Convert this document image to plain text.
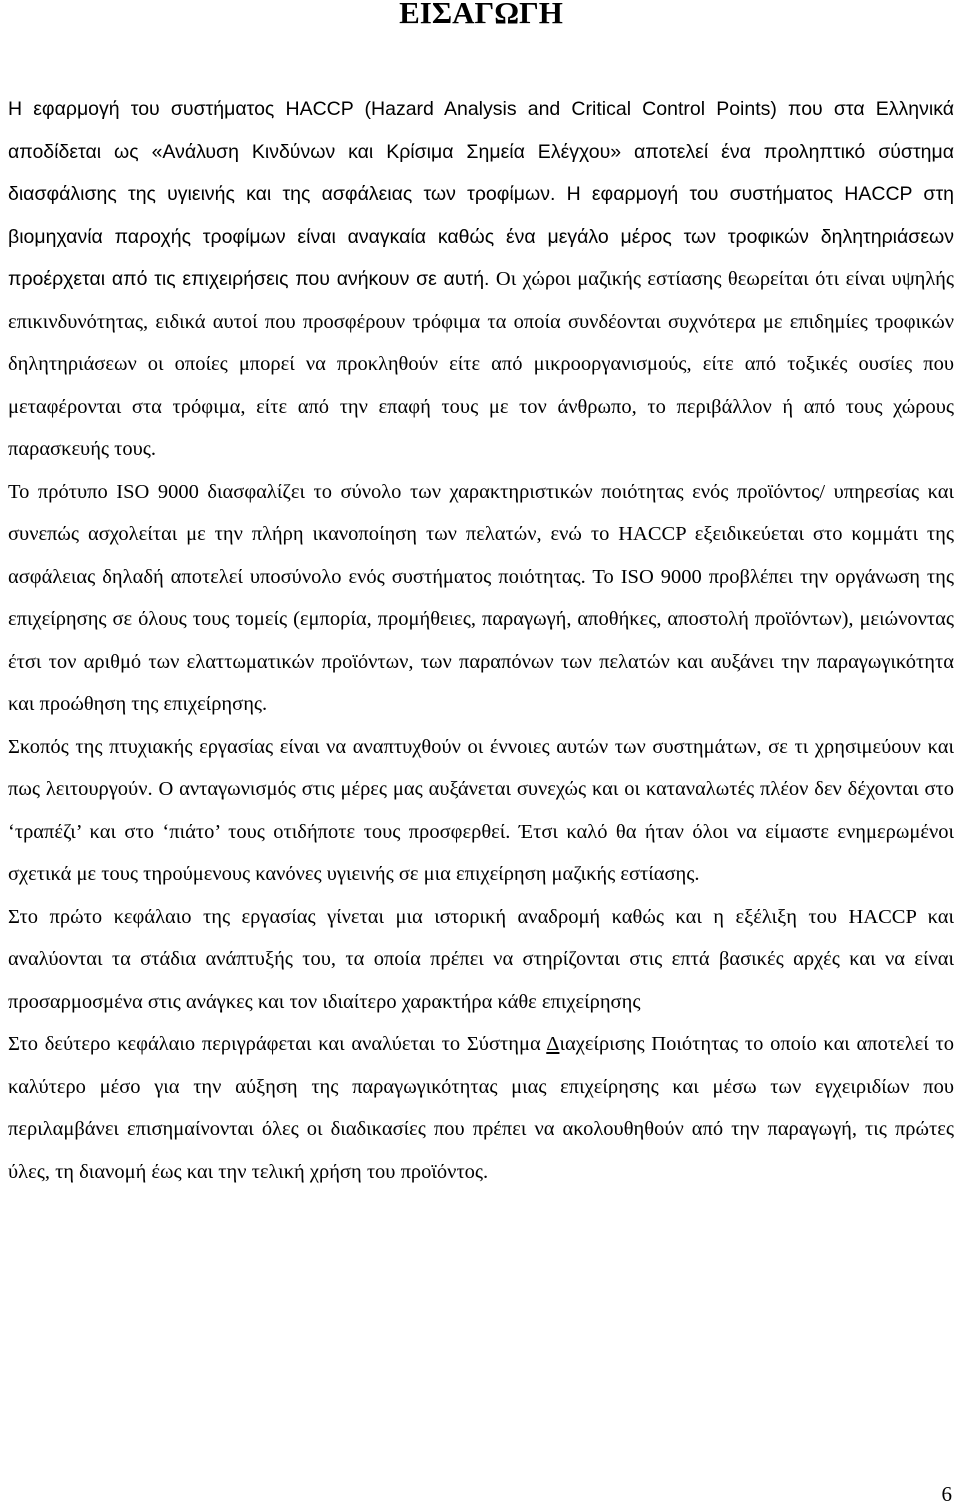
ΕΙΣΑΓΩΓΗ

Η εφαρμογή του συστήματος HACCP (Hazard Analysis and Critical Control Points) που στα Ελληνικά αποδίδεται ως «Ανάλυση Κινδύνων και Κρίσιμα Σημεία Ελέγχου» αποτελεί ένα προληπτικό σύστημα διασφάλισης της υγιεινής και της ασφάλειας των τροφίμων. Η εφαρμογή του συστήματος HACCP στη βιομηχανία παροχής τροφίμων είναι αναγκαία καθώς ένα μεγάλο μέρος των τροφικών δηλητηριάσεων προέρχεται από τις επιχειρήσεις που ανήκουν σε αυτή. Οι χώροι μαζικής εστίασης θεωρείται ότι είναι υψηλής επικινδυνότητας, ειδικά αυτοί που προσφέρουν τρόφιμα τα οποία συνδέονται συχνότερα με επιδημίες τροφικών δηλητηριάσεων οι οποίες μπορεί να προκληθούν είτε από μικροοργανισμούς, είτε από τοξικές ουσίες που μεταφέρονται στα τρόφιμα, είτε από την επαφή τους με τον άνθρωπο, το περιβάλλον ή από τους χώρους παρασκευής τους.

Το πρότυπο ISO 9000 διασφαλίζει το σύνολο των χαρακτηριστικών ποιότητας ενός προϊόντος/ υπηρεσίας και συνεπώς ασχολείται με την πλήρη ικανοποίηση των πελατών, ενώ το HACCP εξειδικεύεται στο κομμάτι της ασφάλειας δηλαδή αποτελεί υποσύνολο ενός συστήματος ποιότητας. Το ISO 9000 προβλέπει την οργάνωση της επιχείρησης σε όλους τους τομείς (εμπορία, προμήθειες, παραγωγή, αποθήκες, αποστολή προϊόντων), μειώνοντας έτσι τον αριθμό των ελαττωματικών προϊόντων, των παραπόνων των πελατών και αυξάνει την παραγωγικότητα και προώθηση της επιχείρησης.

Σκοπός της πτυχιακής εργασίας είναι να αναπτυχθούν οι έννοιες αυτών των συστημάτων, σε τι χρησιμεύουν και πως λειτουργούν. Ο ανταγωνισμός στις μέρες μας αυξάνεται συνεχώς και οι καταναλωτές πλέον δεν δέχονται στο ‘τραπέζι’ και στο ‘πιάτο’ τους οτιδήποτε τους προσφερθεί. Έτσι καλό θα ήταν όλοι να είμαστε ενημερωμένοι σχετικά με τους τηρούμενους κανόνες υγιεινής σε μια επιχείρηση μαζικής εστίασης.

Στο πρώτο κεφάλαιο της εργασίας γίνεται μια ιστορική αναδρομή καθώς και η εξέλιξη του HACCP και αναλύονται τα στάδια ανάπτυξής του, τα οποία πρέπει να στηρίζονται στις επτά βασικές αρχές και να είναι προσαρμοσμένα στις ανάγκες και τον ιδιαίτερο χαρακτήρα κάθε επιχείρησης

Στο δεύτερο κεφάλαιο περιγράφεται και αναλύεται το Σύστημα Διαχείρισης Ποιότητας το οποίο και αποτελεί το καλύτερο μέσο για την αύξηση της παραγωγικότητας μιας επιχείρησης και μέσω των εγχειριδίων που περιλαμβάνει επισημαίνονται όλες οι διαδικασίες που πρέπει να ακολουθηθούν από την παραγωγή, τις πρώτες ύλες, τη διανομή έως και την τελική χρήση του προϊόντος.

6
